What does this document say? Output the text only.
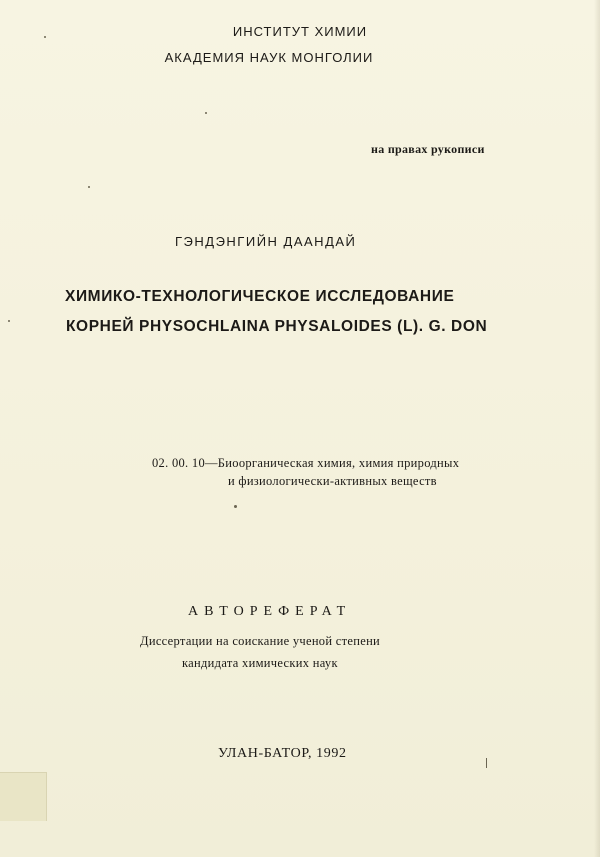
ИНСТИТУТ ХИМИИ
АКАДЕМИЯ НАУК МОНГОЛИИ
на правах рукописи
ГЭНДЭНГИЙН ДААНДАЙ
ХИМИКО-ТЕХНОЛОГИЧЕСКОЕ ИССЛЕДОВАНИЕ
КОРНЕЙ PHYSOCHLAINA PHYSALOIDES (L). G. DON
02. 00. 10—Биоорганическая химия, химия природных
и физиологически-активных веществ
АВТОРЕФЕРАТ
Диссертации на соискание ученой степени
кандидата химических наук
УЛАН-БАТОР, 1992
